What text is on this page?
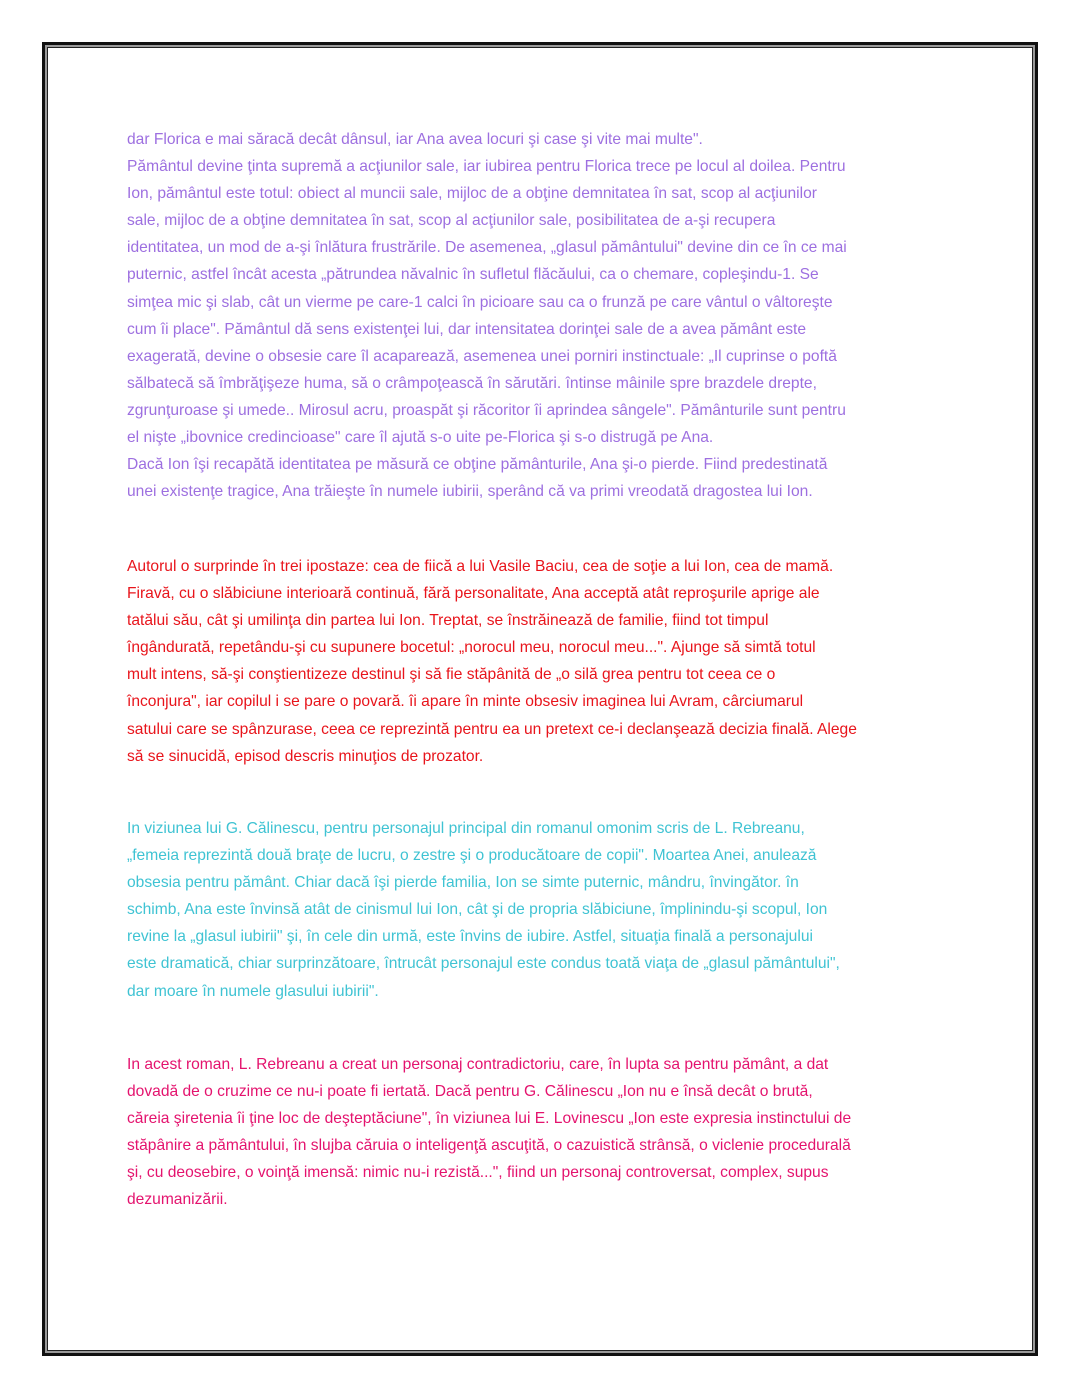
dar Florica e mai săracă decât dânsul, iar Ana avea locuri şi case şi vite mai multe".
Pământul devine ţinta supremă a acţiunilor sale, iar iubirea pentru Florica trece pe locul al doilea. Pentru
Ion, pământul este totul: obiect al muncii sale, mijloc de a obţine demnitatea în sat, scop al acţiunilor
sale, mijloc de a obţine demnitatea în sat, scop al acţiunilor sale, posibilitatea de a-şi recupera
identitatea, un mod de a-şi înlătura frustrările. De asemenea, „glasul pământului" devine din ce în ce mai
puternic, astfel încât acesta „pătrundea năvalnic în sufletul flăcăului, ca o chemare, copleşindu-1. Se
simţea mic şi slab, cât un vierme pe care-1 calci în picioare sau ca o frunză pe care vântul o vâltoreşte
cum îi place". Pământul dă sens existenţei lui, dar intensitatea dorinţei sale de a avea pământ este
exagerată, devine o obsesie care îl acaparează, asemenea unei porniri instinctuale: „Il cuprinse o poftă
sălbatecă să îmbrăţişeze huma, să o crâmpoţească în sărutări. întinse mâinile spre brazdele drepte,
zgrunţuroase şi umede.. Mirosul acru, proaspăt şi răcoritor îi aprindea sângele". Pământurile sunt pentru
el nişte „ibovnice credincioase" care îl ajută s-o uite pe-Florica şi s-o distrugă pe Ana.
Dacă Ion îşi recapătă identitatea pe măsură ce obţine pământurile, Ana şi-o pierde. Fiind predestinată
unei existenţe tragice, Ana trăieşte în numele iubirii, sperând că va primi vreodată dragostea lui Ion.
Autorul o surprinde în trei ipostaze: cea de fiică a lui Vasile Baciu, cea de soţie a lui Ion, cea de mamă.
Firavă, cu o slăbiciune interioară continuă, fără personalitate, Ana acceptă atât reproşurile aprige ale
tatălui său, cât şi umilinţa din partea lui Ion. Treptat, se înstrăinează de familie, fiind tot timpul
îngândurată, repetându-şi cu supunere bocetul: „norocul meu, norocul meu...". Ajunge să simtă totul
mult intens, să-şi conştientizeze destinul şi să fie stăpânită de „o silă grea pentru tot ceea ce o
înconjura", iar copilul i se pare o povară. îi apare în minte obsesiv imaginea lui Avram, cârciumarul
satului care se spânzurase, ceea ce reprezintă pentru ea un pretext ce-i declanşează decizia finală. Alege
să se sinucidă, episod descris minuţios de prozator.
In viziunea lui G. Călinescu, pentru personajul principal din romanul omonim scris de L. Rebreanu,
„femeia reprezintă două braţe de lucru, o zestre şi o producătoare de copii". Moartea Anei, anulează
obsesia pentru pământ. Chiar dacă îşi pierde familia, Ion se simte puternic, mândru, învingător. în
schimb, Ana este învinsă atât de cinismul lui Ion, cât şi de propria slăbiciune, împlinindu-şi scopul, Ion
revine la „glasul iubirii" şi, în cele din urmă, este învins de iubire. Astfel, situaţia finală a personajului
este dramatică, chiar surprinzătoare, întrucât personajul este condus toată viaţa de „glasul pământului",
dar moare în numele glasului iubirii".
In acest roman, L. Rebreanu a creat un personaj contradictoriu, care, în lupta sa pentru pământ, a dat
dovadă de o cruzime ce nu-i poate fi iertată. Dacă pentru G. Călinescu „Ion nu e însă decât o brută,
căreia şiretenia îi ţine loc de deşteptăciune", în viziunea lui E. Lovinescu „Ion este expresia instinctului de
stăpânire a pământului, în slujba căruia o inteligenţă ascuţită, o cazuistică strânsă, o viclenie procedurală
şi, cu deosebire, o voinţă imensă: nimic nu-i rezistă...", fiind un personaj controversat, complex, supus
dezumanizării.
